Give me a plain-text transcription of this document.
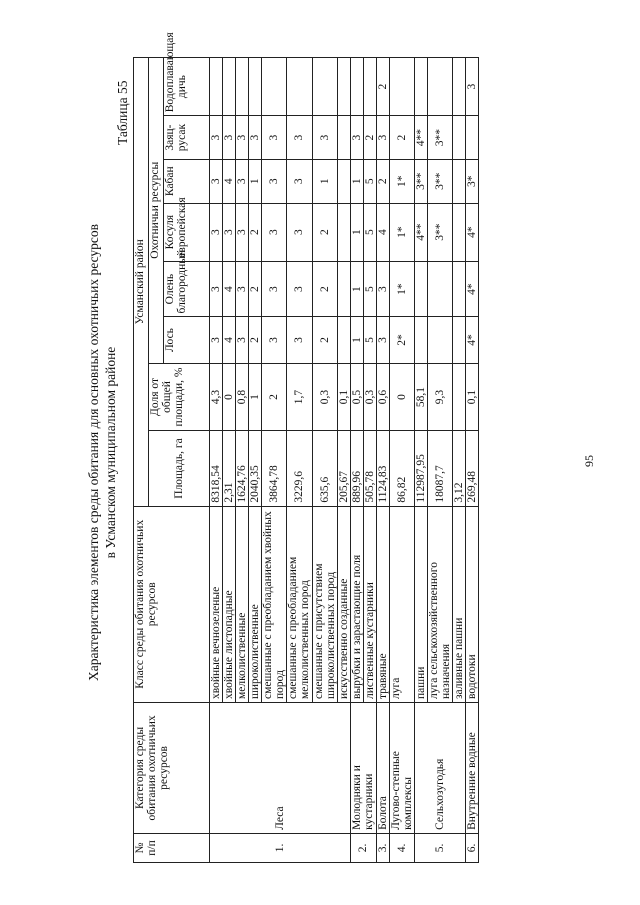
Характеристика элементов среды обитания для основных охотничьих ресурсов в Усманском муниципальном районе
Таблица 55
№ п/п	Категория среды обитания охотничьих ресурсов	Класс среды обитания охотничьих ресурсов	Усманский район							
			Площадь, га	Доля от общей площади, %	Охотничьи ресурсы					
					Лось	Олень благородный	Косуля европейская	Кабан	Заяц-русак	Водоплавающая дичь
1.	Леса	хвойные вечнозеленые	8318,54	4,3	3	3	3	3	3	
		хвойные листопадные	2,31	0	4	4	3	4	3	
		мелколиственные	1624,76	0,8	3	3	3	3	3	
		широколиственные	2040,35	1	2	2	2	1	3	
		смешанные с преобладанием хвойных пород	3864,78	2	3	3	3	3	3	
		смешанные с преобладанием мелколиственных пород	3229,6	1,7	3	3	3	3	3	
		смешанные с присутствием широколиственных пород	635,6	0,3	2	2	2	1	3	
		искусственно созданные	205,67	0,1						
2.	Молодняки и кустарники	вырубки и зарастающие поля	889,96	0,5	1	1	1	1	3	
		лиственные кустарники	505,78	0,3	5	5	5	5	2	
3.	Болота	травяные	1124,83	0,6	3	3	4	2	3	2
4.	Лугово-степные комплексы	луга	86,82	0	2*	1*	1*	1*	2	
5.	Сельхозугодья	пашни	112987,95	58,1			4**	3**	4**	
		луга сельскохозяйственного назначения	18087,7	9,3			3**	3**	3**	
		заливные пашни	3,12							
6.	Внутренние водные	водотоки	269,48	0,1	4*	4*	4*	3*		3
95
